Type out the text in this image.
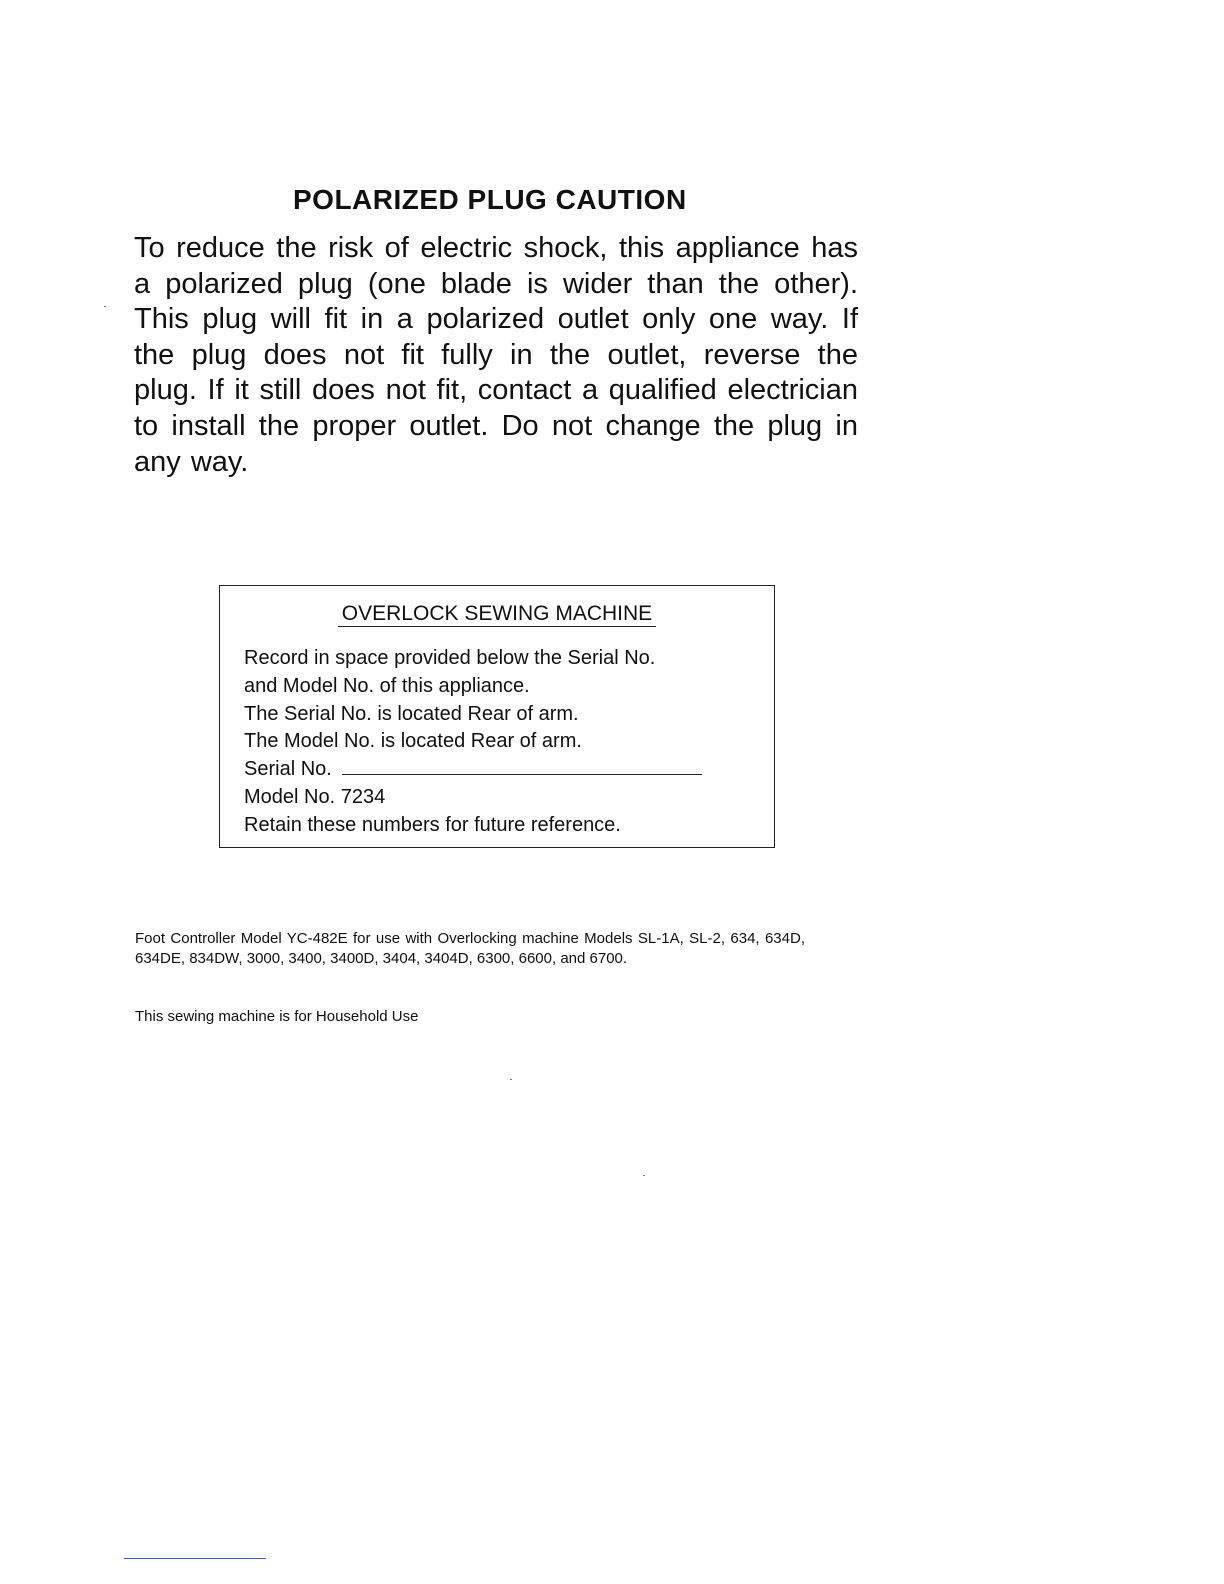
POLARIZED PLUG CAUTION
To reduce the risk of electric shock, this appliance has a polarized plug (one blade is wider than the other). This plug will fit in a polarized outlet only one way. If the plug does not fit fully in the outlet, reverse the plug. If it still does not fit, contact a qualified electrician to install the proper outlet. Do not change the plug in any way.
OVERLOCK SEWING MACHINE
Record in space provided below the Serial No.
and Model No. of this appliance.
The Serial No. is located Rear of arm.
The Model No. is located Rear of arm.
Serial No.
Model No. 7234
Retain these numbers for future reference.
Foot Controller Model YC-482E for use with Overlocking machine Models SL-1A, SL-2, 634, 634D, 634DE, 834DW, 3000, 3400, 3400D, 3404, 3404D, 6300, 6600, and 6700.
This sewing machine is for Household Use
